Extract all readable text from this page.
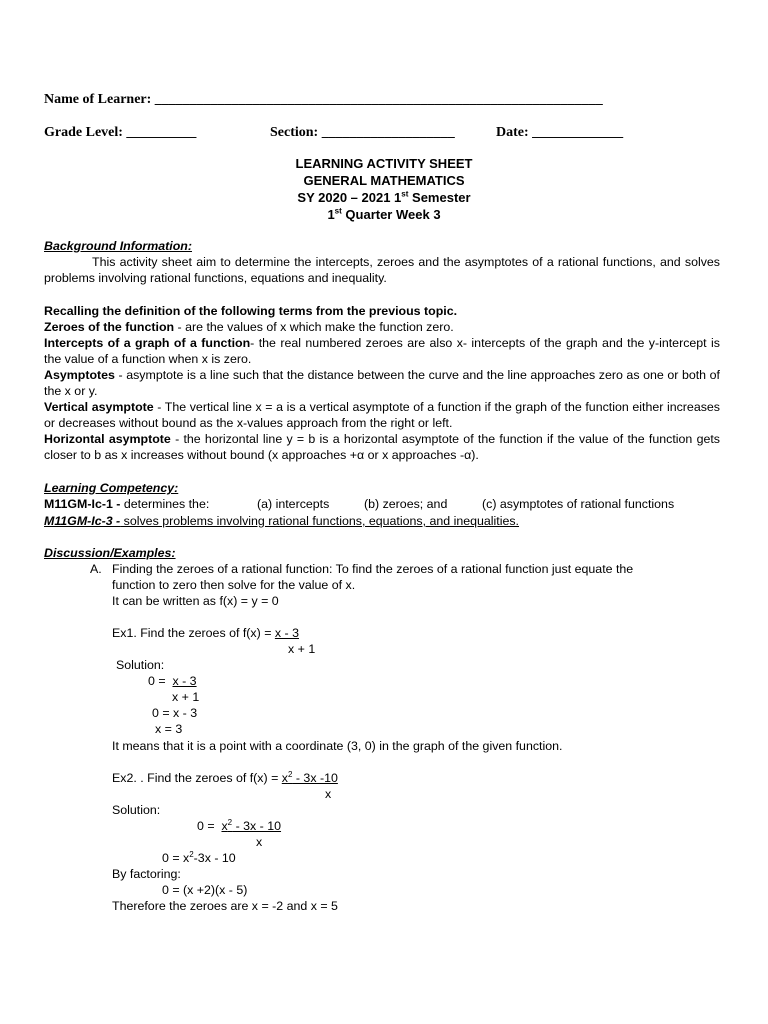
Name of Learner: ________________________________________________________________
Grade Level: __________	Section: ___________________	Date: _____________
LEARNING ACTIVITY SHEET
GENERAL MATHEMATICS
SY 2020 – 2021 1st Semester
1st Quarter Week 3
Background Information:
This activity sheet aim to determine the intercepts, zeroes and the asymptotes of a rational functions, and solves problems involving rational functions, equations and inequality.
Recalling the definition of the following terms from the previous topic.
Zeroes of the function - are the values of x which make the function zero.
Intercepts of a graph of a function- the real numbered zeroes are also x- intercepts of the graph and the y-intercept is the value of a function when x is zero.
Asymptotes - asymptote is a line such that the distance between the curve and the line approaches zero as one or both of the x or y.
Vertical asymptote - The vertical line x = a is a vertical asymptote of a function if the graph of the function either increases or decreases without bound as the x-values approach from the right or left.
Horizontal asymptote - the horizontal line y = b is a horizontal asymptote of the function if the value of the function gets closer to b as x increases without bound (x approaches +α or x approaches -α).
Learning Competency:
M11GM-Ic-1 - determines the:	(a) intercepts	(b) zeroes; and	(c) asymptotes of rational functions
M11GM-Ic-3 - solves problems involving rational functions, equations, and inequalities.
Discussion/Examples:
A. Finding the zeroes of a rational function: To find the zeroes of a rational function just equate the
function to zero then solve for the value of x.
It can be written as f(x) = y = 0
Ex1. Find the zeroes of f(x) = x - 3
x + 1
Solution:
0 =  x - 3
x + 1
0 = x - 3
x = 3
It means that it is a point with a coordinate (3, 0) in the graph of the given function.
Ex2. . Find the zeroes of $f(x) = x^2 - 3x$ -10
x
Solution:
$0 = x^2 - 3x - 10$
x
$0 = x^2-3x - 10$
By factoring:
0 = (x +2)(x - 5)
Therefore the zeroes are x = -2 and x = 5
